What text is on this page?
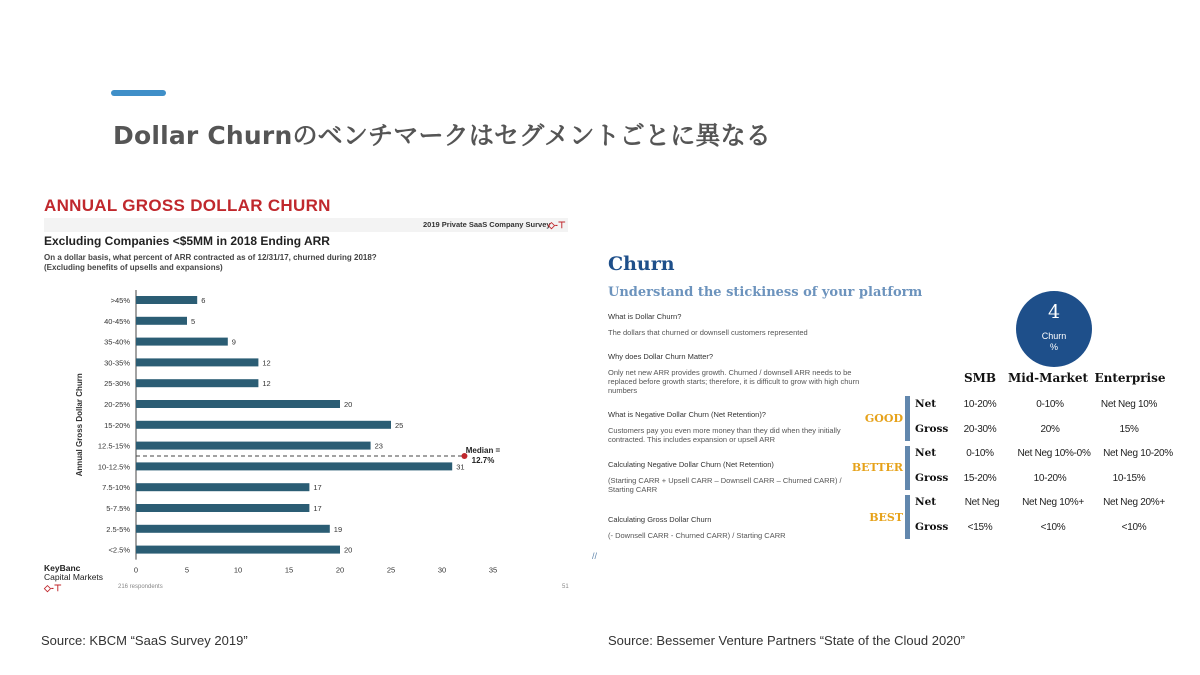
Dollar Churnのベンチマークはセグメントごとに異なる
ANNUAL GROSS DOLLAR CHURN
2019 Private SaaS Company Survey
◇‑⊤
Excluding Companies <$5MM in 2018 Ending ARR
On a dollar basis, what percent of ARR contracted as of 12/31/17, churned during 2018?
(Excluding benefits of upsells and expansions)
>45%	6
40-45%	5
35-40%	9
30-35%	12
25-30%	12
20-25%	20
15-20%	25
12.5-15%	23
10-12.5%	31
7.5-10%	17
5-7.5%	17
2.5-5%	19
<2.5%	20
0	5	10	15	20	25	30	35
Annual Gross Dollar Churn	Median =
12.7%
KeyBanc
Capital Markets
◇‑⊤	216 respondents	51
Churn
Understand the stickiness of your platform
What is Dollar Churn?
The dollars that churned or downsell customers represented
Why does Dollar Churn Matter?
Only net new ARR provides growth. Churned / downsell ARR needs to be replaced before growth starts; therefore, it is difficult to grow with high churn numbers
What is Negative Dollar Churn (Net Retention)?
Customers pay you even more money than they did when they initially contracted. This includes expansion or upsell ARR
Calculating Negative Dollar Churn (Net Retention)
(Starting CARR + Upsell CARR – Downsell CARR – Churned CARR) / Starting CARR
Calculating Gross Dollar Churn
(- Downsell CARR - Churned CARR) / Starting CARR
4
Churn
%
SMB Mid-Market Enterprise
GOOD
Net
Gross
10-20%	0-10%	Net Neg 10%
20-30%	20%	15%
BETTER
Net
Gross
0-10%	Net Neg 10%-0%	Net Neg 10-20%
15-20%	10-20%	10-15%
BEST
Net
Gross
Net Neg	Net Neg 10%+	Net Neg 20%+
<15%	<10%	<10%
//
Source: KBCM “SaaS Survey 2019”	Source: Bessemer Venture Partners “State of the Cloud 2020”
